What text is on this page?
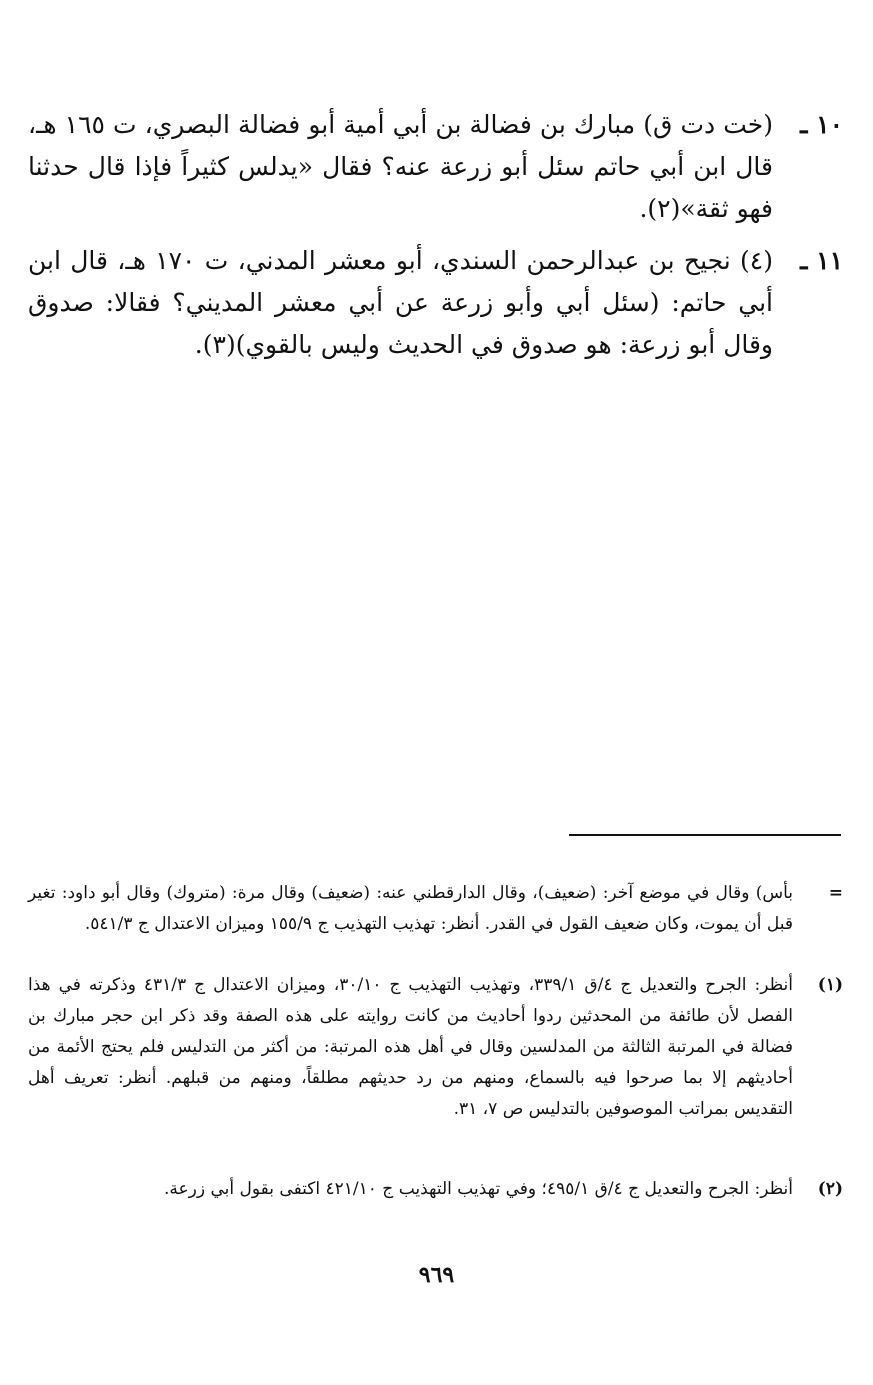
١٠ ـ
(خت دت ق) مبارك بن فضالة بن أبي أمية أبو فضالة البصري، ت ١٦٥ هـ، قال ابن أبي حاتم سئل أبو زرعة عنه؟ فقال «يدلس كثيراً فإذا قال حدثنا فهو ثقة»(٢).
١١ ـ
(٤) نجيح بن عبدالرحمن السندي، أبو معشر المدني، ت ١٧٠ هـ، قال ابن أبي حاتم: (سئل أبي وأبو زرعة عن أبي معشر المديني؟ فقالا: صدوق وقال أبو زرعة: هو صدوق في الحديث وليس بالقوي)(٣).
=
بأس) وقال في موضع آخر: (ضعيف)، وقال الدارقطني عنه: (ضعيف) وقال مرة: (متروك) وقال أبو داود: تغير قبل أن يموت، وكان ضعيف القول في القدر. أنظر: تهذيب التهذيب ج ١٥٥/٩ وميزان الاعتدال ج ٥٤١/٣.
(١)
أنظر: الجرح والتعديل ج ٤/ق ٣٣٩/١، وتهذيب التهذيب ج ٣٠/١٠، وميزان الاعتدال ج ٤٣١/٣ وذكرته في هذا الفصل لأن طائفة من المحدثين ردوا أحاديث من كانت روايته على هذه الصفة وقد ذكر ابن حجر مبارك بن فضالة في المرتبة الثالثة من المدلسين وقال في أهل هذه المرتبة: من أكثر من التدليس فلم يحتج الأئمة من أحاديثهم إلا بما صرحوا فيه بالسماع، ومنهم من رد حديثهم مطلقاً، ومنهم من قبلهم. أنظر: تعريف أهل التقديس بمراتب الموصوفين بالتدليس ص ٧، ٣١.
(٢)
أنظر: الجرح والتعديل ج ٤/ق ٤٩٥/١؛ وفي تهذيب التهذيب ج ٤٢١/١٠ اكتفى بقول أبي زرعة.
٩٦٩
